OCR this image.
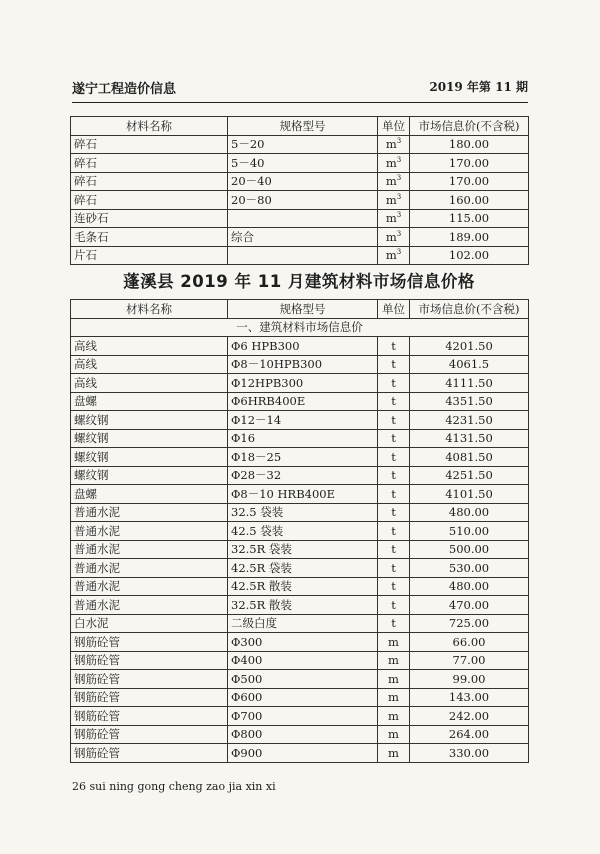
遂宁工程造价信息	2019 年第 11 期
材料名称	规格型号	单位	市场信息价(不含税)
碎石	5－20	$m^3$	180.00
碎石	5－40	$m^3$	170.00
碎石	20－40	$m^3$	170.00
碎石	20－80	$m^3$	160.00
连砂石		$m^3$	115.00
毛条石	综合	$m^3$	189.00
片石		$m^3$	102.00
蓬溪县 2019 年 11 月建筑材料市场信息价格
材料名称	规格型号	单位	市场信息价(不含税)
一、建筑材料市场信息价			
高线	Φ6 HPB300	t	4201.50
高线	Φ8－10HPB300	t	4061.5
高线	Φ12HPB300	t	4111.50
盘螺	Φ6HRB400E	t	4351.50
螺纹钢	Φ12－14	t	4231.50
螺纹钢	Φ16	t	4131.50
螺纹钢	Φ18－25	t	4081.50
螺纹钢	Φ28－32	t	4251.50
盘螺	Φ8－10 HRB400E	t	4101.50
普通水泥	32.5 袋装	t	480.00
普通水泥	42.5 袋装	t	510.00
普通水泥	32.5R 袋装	t	500.00
普通水泥	42.5R 袋装	t	530.00
普通水泥	42.5R 散装	t	480.00
普通水泥	32.5R 散装	t	470.00
白水泥	二级白度	t	725.00
钢筋砼管	Φ300	m	66.00
钢筋砼管	Φ400	m	77.00
钢筋砼管	Φ500	m	99.00
钢筋砼管	Φ600	m	143.00
钢筋砼管	Φ700	m	242.00
钢筋砼管	Φ800	m	264.00
钢筋砼管	Φ900	m	330.00
26 sui ning gong cheng zao jia xin xi
